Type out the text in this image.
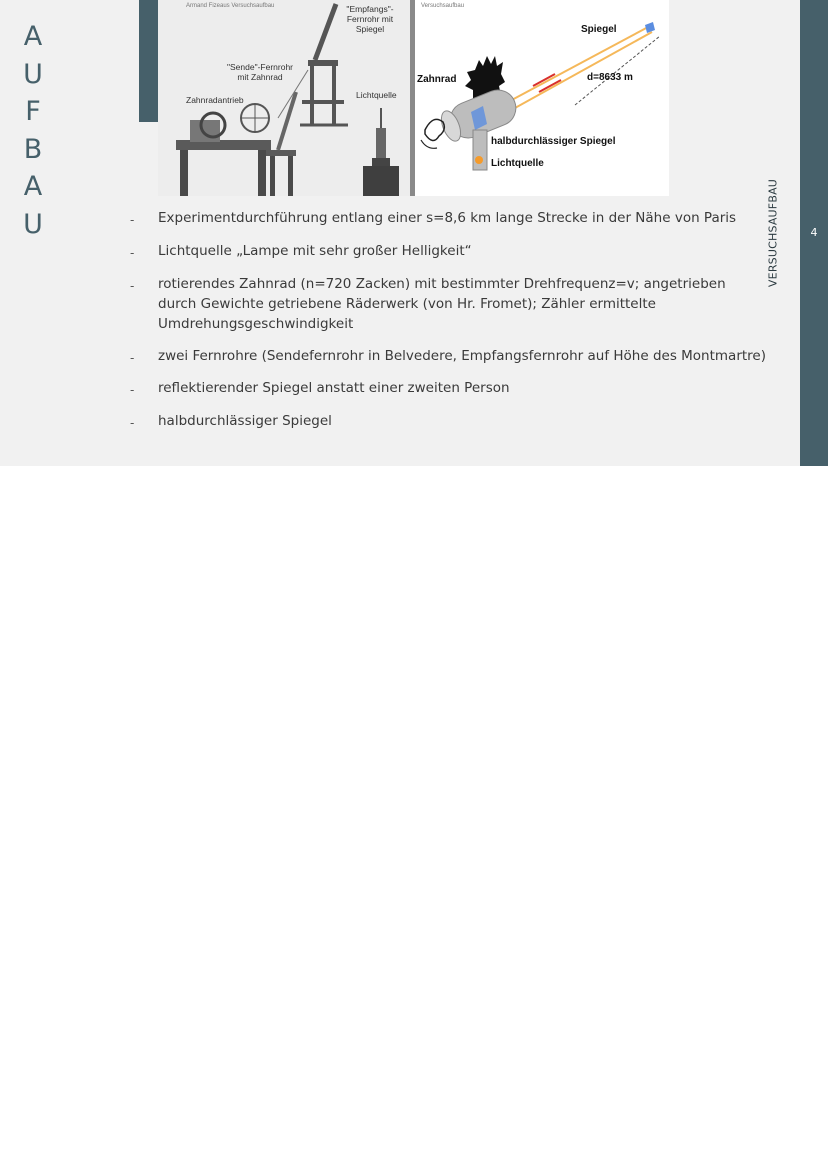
A
U
F
B
A
U
Armand Fizeaus Versuchsaufbau	"Empfangs"-
Fernrohr mit
Spiegel
"Sende"-Fernrohr
mit Zahnrad
Zahnradantrieb	Lichtquelle
Versuchsaufbau
Spiegel
Zahnrad	d=8633 m
halbdurchlässiger Spiegel
Lichtquelle
- Experimentdurchführung entlang einer s=8,6 km lange Strecke in der Nähe von Paris
- Lichtquelle „Lampe mit sehr großer Helligkeit“
- rotierendes Zahnrad (n=720 Zacken) mit bestimmter Drehfrequenz=v; angetrieben durch Gewichte getriebene Räderwerk (von Hr. Fromet); Zähler ermittelte Umdrehungsgeschwindigkeit
- zwei Fernrohre (Sendefernrohr in Belvedere, Empfangsfernrohr auf Höhe des Montmartre)
- reflektierender Spiegel anstatt einer zweiten Person
- halbdurchlässiger Spiegel
VERSUCHSAUFBAU	4
